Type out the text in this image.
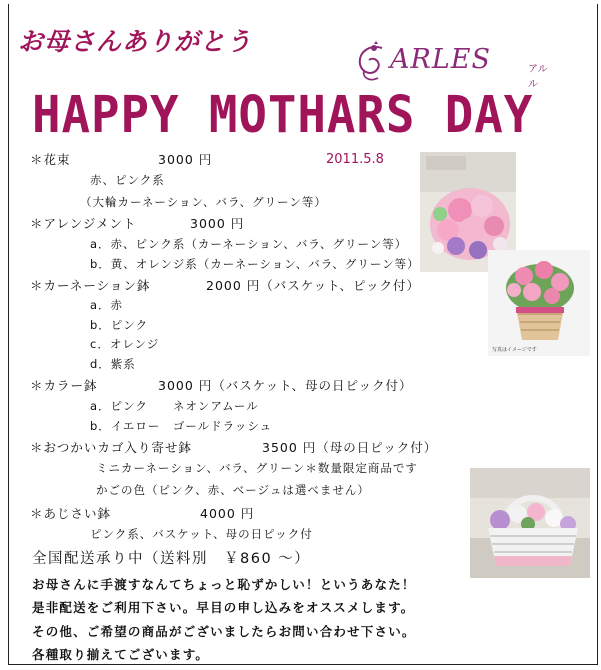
お母さんありがとう
ARLES	アルル
HAPPY MOTHARS DAY
2011.5.8
＊花束	3000 円
赤、ピンク系
（大輪カーネーション、バラ、グリーン等）
＊アレンジメント	3000 円
a．赤、ピンク系（カーネーション、バラ、グリーン等）
b．黄、オレンジ系（カーネーション、バラ、グリーン等）
＊カーネーション鉢	2000 円（バスケット、ピック付）
a．赤
b．ピンク
c．オレンジ
d．紫系
＊カラー鉢	3000 円（バスケット、母の日ピック付）
a．ピンク　　ネオンアムール
b．イエロー　ゴールドラッシュ
＊おつかいカゴ入り寄せ鉢	3500 円（母の日ピック付）
ミニカーネーション、バラ、グリーン＊数量限定商品です
かごの色（ピンク、赤、ベージュは選べません）
＊あじさい鉢	4000 円
ピンク系、バスケット、母の日ピック付
全国配送承り中（送料別　￥860 ～）
お母さんに手渡すなんてちょっと恥ずかしい！というあなた！
是非配送をご利用下さい。早目の申し込みをオススメします。
その他、ご希望の商品がございましたらお問い合わせ下さい。
各種取り揃えてございます。
写真はイメージです
